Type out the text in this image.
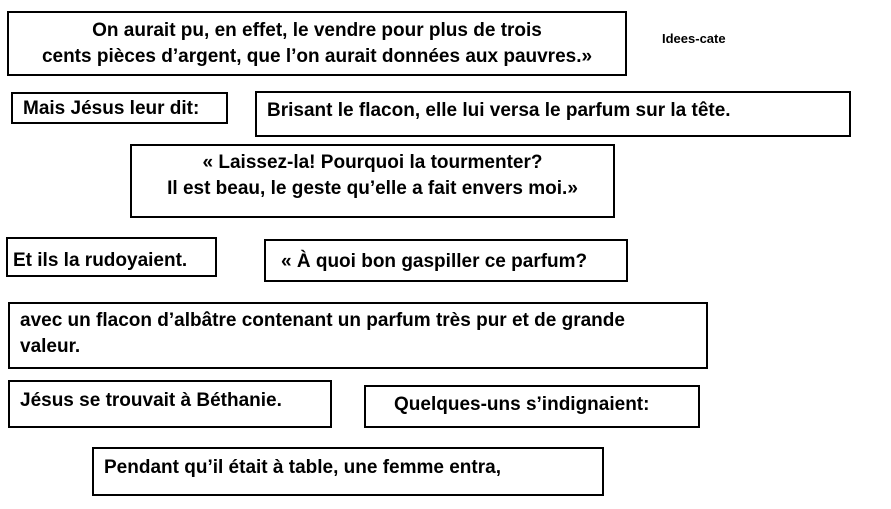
Idees-cate
On aurait pu, en effet, le vendre pour plus de trois
cents pièces d’argent, que l’on aurait données aux pauvres.»
Mais Jésus leur dit:	Brisant le flacon, elle lui versa le parfum sur la tête.
« Laissez-la! Pourquoi la tourmenter?
Il est beau, le geste qu’elle a fait envers moi.»
Et ils la rudoyaient.	« À quoi bon gaspiller ce parfum?
avec un flacon d’albâtre contenant un parfum très pur et de grande
valeur.
Jésus se trouvait à Béthanie.	Quelques-uns s’indignaient:
Pendant qu’il était à table, une femme entra,
